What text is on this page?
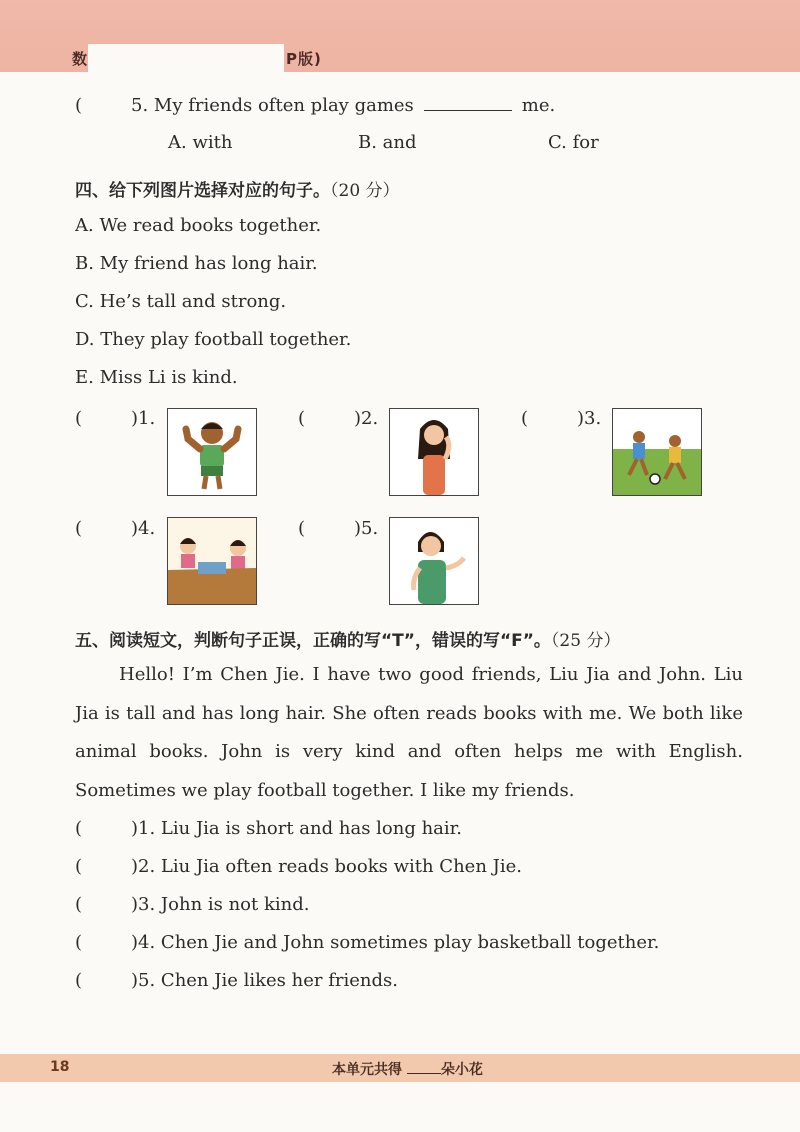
数	P版)
(	5. My friends often play games	me.
A. with	B. and	C. for
四、给下列图片选择对应的句子。（20 分）
A. We read books together.
B. My friend has long hair.
C. He’s tall and strong.
D. They play football together.
E. Miss Li is kind.
(	)1.	(	)2.	(	)3.
(	)4.	(	)5.
五、阅读短文，判断句子正误，正确的写“T”，错误的写“F”。（25 分）
Hello! I’m Chen Jie. I have two good friends, Liu Jia and John. Liu Jia is tall and has long hair. She often reads books with me. We both like animal books. John is very kind and often helps me with English. Sometimes we play football together. I like my friends.
(	)1. Liu Jia is short and has long hair.
(	)2. Liu Jia often reads books with Chen Jie.
(	)3. John is not kind.
(	)4. Chen Jie and John sometimes play basketball together.
(	)5. Chen Jie likes her friends.
18	本单元共得	朵小花
